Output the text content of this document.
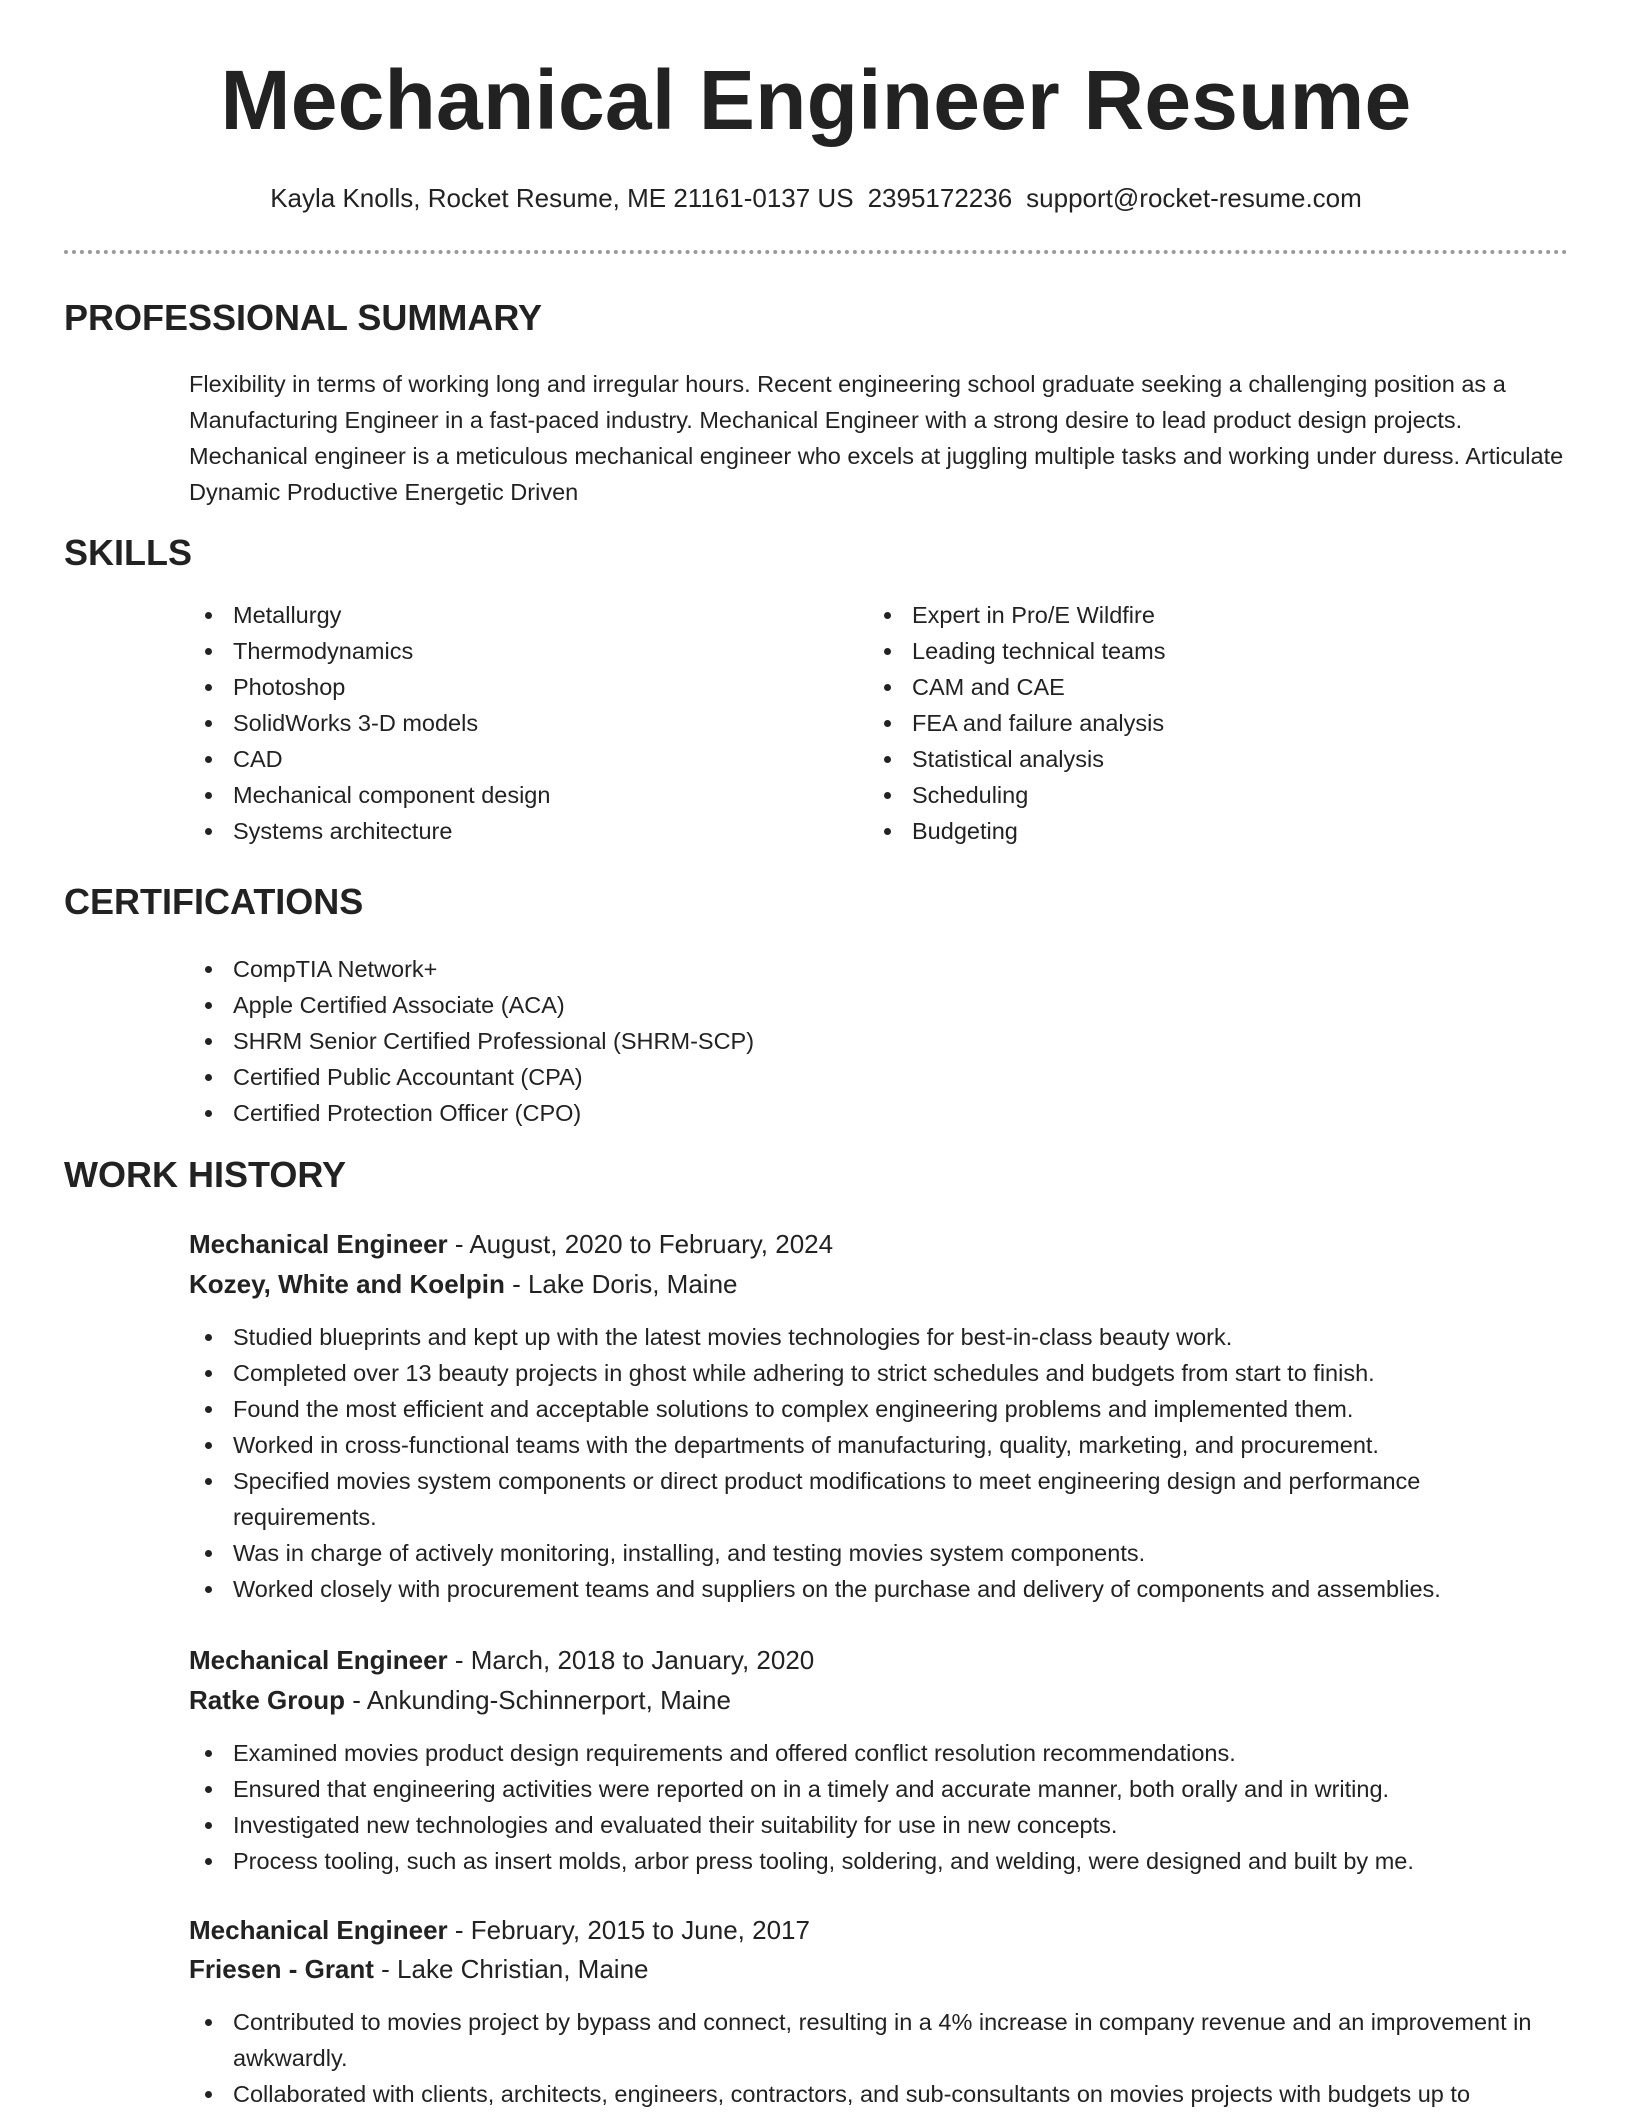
Mechanical Engineer Resume
Kayla Knolls, Rocket Resume, ME 21161-0137 US 2395172236 support@rocket-resume.com
PROFESSIONAL SUMMARY

Flexibility in terms of working long and irregular hours. Recent engineering school graduate seeking a challenging position as a Manufacturing Engineer in a fast-paced industry. Mechanical Engineer with a strong desire to lead product design projects. Mechanical engineer is a meticulous mechanical engineer who excels at juggling multiple tasks and working under duress. Articulate Dynamic Productive Energetic Driven

SKILLS
Metallurgy
Thermodynamics
Photoshop
SolidWorks 3-D models
CAD
Mechanical component design
Systems architecture
Expert in Pro/E Wildfire
Leading technical teams
CAM and CAE
FEA and failure analysis
Statistical analysis
Scheduling
Budgeting
CERTIFICATIONS
CompTIA Network+
Apple Certified Associate (ACA)
SHRM Senior Certified Professional (SHRM-SCP)
Certified Public Accountant (CPA)
Certified Protection Officer (CPO)
WORK HISTORY
Mechanical Engineer - August, 2020 to February, 2024
Kozey, White and Koelpin - Lake Doris, Maine
Studied blueprints and kept up with the latest movies technologies for best-in-class beauty work.
Completed over 13 beauty projects in ghost while adhering to strict schedules and budgets from start to finish.
Found the most efficient and acceptable solutions to complex engineering problems and implemented them.
Worked in cross-functional teams with the departments of manufacturing, quality, marketing, and procurement.
Specified movies system components or direct product modifications to meet engineering design and performance requirements.
Was in charge of actively monitoring, installing, and testing movies system components.
Worked closely with procurement teams and suppliers on the purchase and delivery of components and assemblies.
Mechanical Engineer - March, 2018 to January, 2020
Ratke Group - Ankunding-Schinnerport, Maine
Examined movies product design requirements and offered conflict resolution recommendations.
Ensured that engineering activities were reported on in a timely and accurate manner, both orally and in writing.
Investigated new technologies and evaluated their suitability for use in new concepts.
Process tooling, such as insert molds, arbor press tooling, soldering, and welding, were designed and built by me.
Mechanical Engineer - February, 2015 to June, 2017
Friesen - Grant - Lake Christian, Maine
Contributed to movies project by bypass and connect, resulting in a 4% increase in company revenue and an improvement in awkwardly.
Collaborated with clients, architects, engineers, contractors, and sub-consultants on movies projects with budgets up to
